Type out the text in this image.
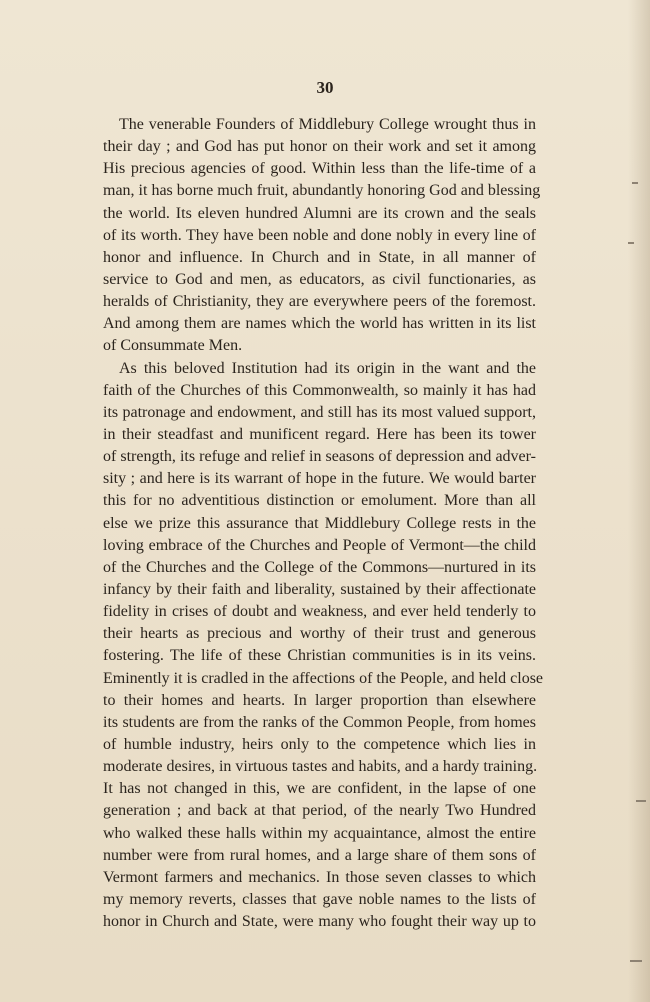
30
The venerable Founders of Middlebury College wrought thus in
their day ; and God has put honor on their work and set it among
His precious agencies of good. Within less than the life-time of a
man, it has borne much fruit, abundantly honoring God and blessing
the world. Its eleven hundred Alumni are its crown and the seals
of its worth. They have been noble and done nobly in every line of
honor and influence. In Church and in State, in all manner of
service to God and men, as educators, as civil functionaries, as
heralds of Christianity, they are everywhere peers of the foremost.
And among them are names which the world has written in its list
of Consummate Men.
As this beloved Institution had its origin in the want and the
faith of the Churches of this Commonwealth, so mainly it has had
its patronage and endowment, and still has its most valued support,
in their steadfast and munificent regard. Here has been its tower
of strength, its refuge and relief in seasons of depression and adver-
sity ; and here is its warrant of hope in the future. We would barter
this for no adventitious distinction or emolument. More than all
else we prize this assurance that Middlebury College rests in the
loving embrace of the Churches and People of Vermont—the child
of the Churches and the College of the Commons—nurtured in its
infancy by their faith and liberality, sustained by their affectionate
fidelity in crises of doubt and weakness, and ever held tenderly to
their hearts as precious and worthy of their trust and generous
fostering. The life of these Christian communities is in its veins.
Eminently it is cradled in the affections of the People, and held close
to their homes and hearts. In larger proportion than elsewhere
its students are from the ranks of the Common People, from homes
of humble industry, heirs only to the competence which lies in
moderate desires, in virtuous tastes and habits, and a hardy training.
It has not changed in this, we are confident, in the lapse of one
generation ; and back at that period, of the nearly Two Hundred
who walked these halls within my acquaintance, almost the entire
number were from rural homes, and a large share of them sons of
Vermont farmers and mechanics. In those seven classes to which
my memory reverts, classes that gave noble names to the lists of
honor in Church and State, were many who fought their way up to
